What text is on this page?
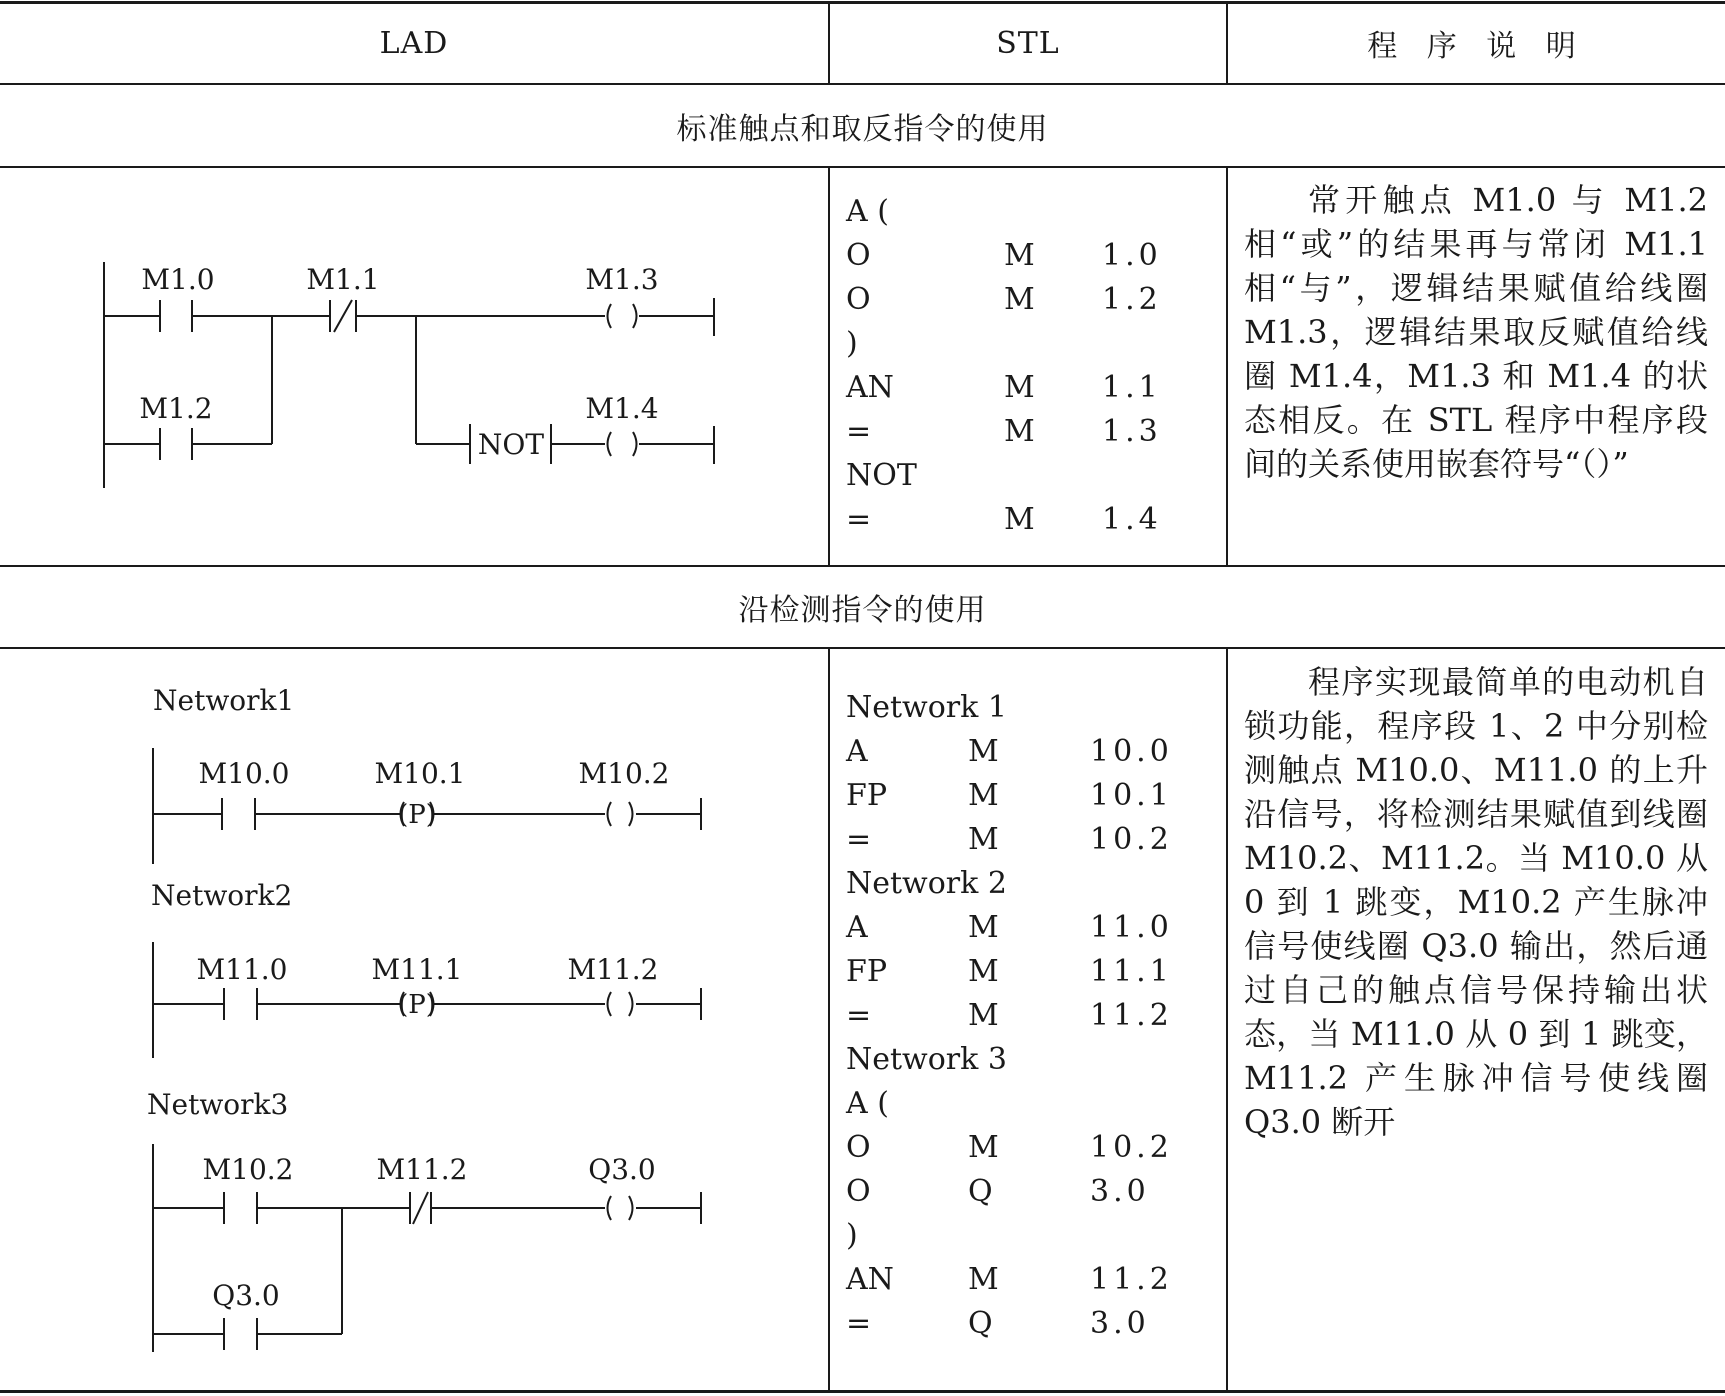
LAD	STL	程 序 说 明
标准触点和取反指令的使用
M1.0	M1.1	M1.3
M1.2	M1.4
NOT
A (
O	M 1.0
O	M 1.2
)
AN	M 1.1
=	M 1.3
NOT
=	M 1.4

常开触点 M1.0 与 M1.2 相“或”的结果再与常闭 M1.1 相“与”，逻辑结果赋值给线圈 M1.3，逻辑结果取反赋值给线圈 M1.4，M1.3 和 M1.4 的状态相反。在 STL 程序中程序段间的关系使用嵌套符号“（）”

沿检测指令的使用
Network1
Network2
Network3
M10.0	M10.1	M10.2
(P)
M11.0	M11.1	M11.2
(P)
M10.2	M11.2	Q3.0
Q3.0
Network 1
A	M	10.0
FP	M	10.1
=	M	10.2
Network 2
A	M	11.0
FP	M	11.1
=	M	11.2
Network 3
A (
O	M	10.2
O	Q	3.0
)
AN M	11.2
=	Q	3.0

程序实现最简单的电动机自锁功能，程序段 1、2 中分别检测触点 M10.0、M11.0 的上升沿信号，将检测结果赋值到线圈 M10.2、M11.2。当 M10.0 从 0 到 1 跳变，M10.2 产生脉冲信号使线圈 Q3.0 输出，然后通过自己的触点信号保持输出状态，当 M11.0 从 0 到 1 跳变，M11.2 产生脉冲信号使线圈 Q3.0 断开
